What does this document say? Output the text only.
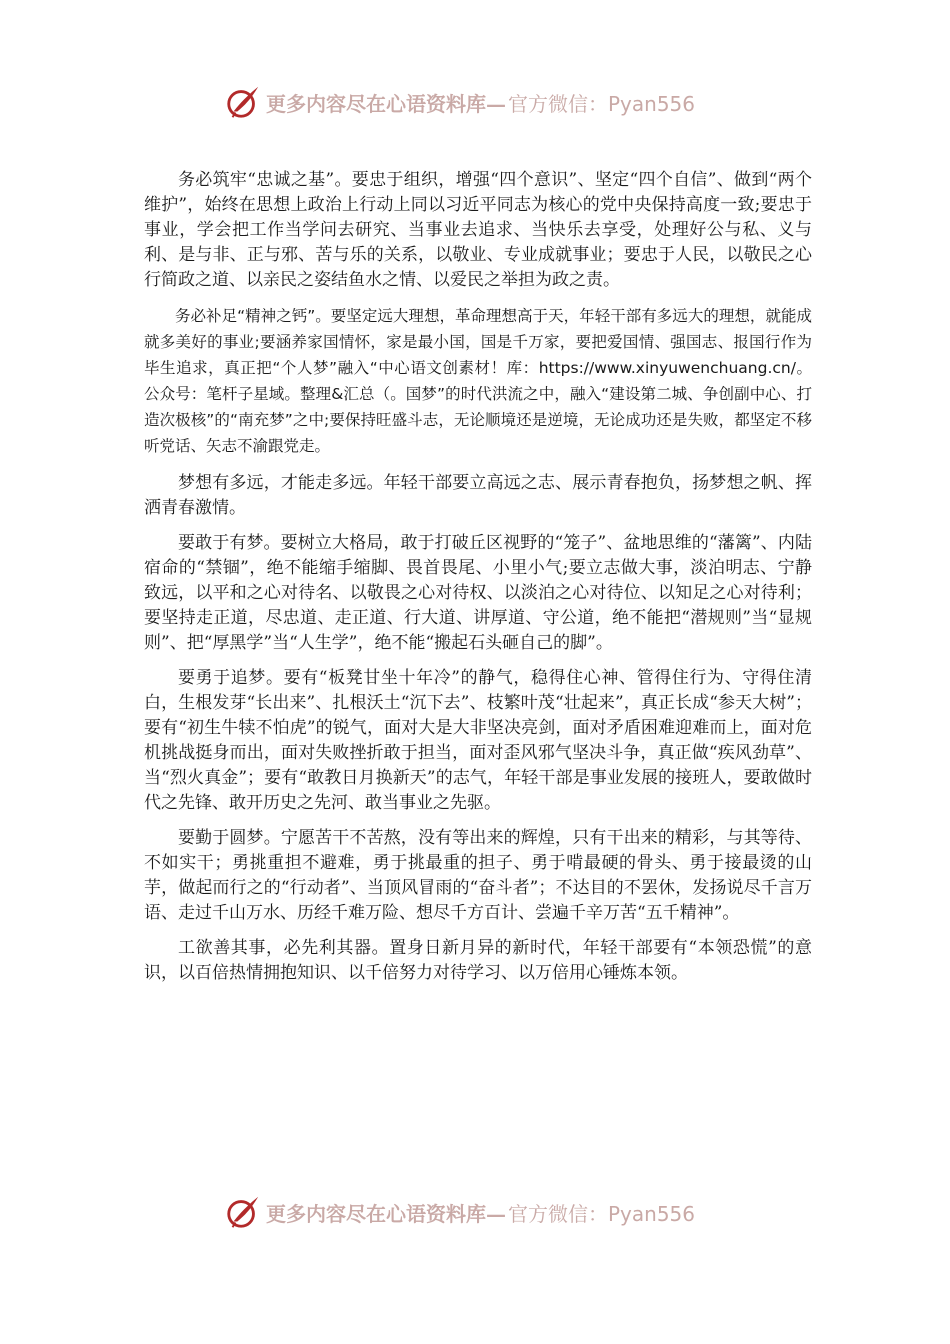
更多内容尽在心语资料库— 官方微信：Pyan556

务必筑牢“忠诚之基”。要忠于组织，增强“四个意识”、坚定“四个自信”、做到“两个维护”，始终在思想上政治上行动上同以习近平同志为核心的党中央保持高度一致;要忠于事业，学会把工作当学问去研究、当事业去追求、当快乐去享受，处理好公与私、义与利、是与非、正与邪、苦与乐的关系，以敬业、专业成就事业；要忠于人民，以敬民之心行简政之道、以亲民之姿结鱼水之情、以爱民之举担为政之责。

务必补足“精神之钙”。要坚定远大理想，革命理想高于天，年轻干部有多远大的理想，就能成就多美好的事业;要涵养家国情怀，家是最小国，国是千万家，要把爱国情、强国志、报国行作为毕生追求，真正把“个人梦”融入“中心语文创素材！库：https://www.xinyuwenchuang.cn/。公众号：笔杆子星域。整理&汇总（。国梦”的时代洪流之中，融入“建设第二城、争创副中心、打造次极核”的“南充梦”之中;要保持旺盛斗志，无论顺境还是逆境，无论成功还是失败，都坚定不移听党话、矢志不渝跟党走。

梦想有多远，才能走多远。年轻干部要立高远之志、展示青春抱负，扬梦想之帆、挥洒青春激情。

要敢于有梦。要树立大格局，敢于打破丘区视野的“笼子”、盆地思维的“藩篱”、内陆宿命的“禁锢”，绝不能缩手缩脚、畏首畏尾、小里小气;要立志做大事，淡泊明志、宁静致远，以平和之心对待名、以敬畏之心对待权、以淡泊之心对待位、以知足之心对待利；要坚持走正道，尽忠道、走正道、行大道、讲厚道、守公道，绝不能把“潜规则”当“显规则”、把“厚黑学”当“人生学”，绝不能“搬起石头砸自己的脚”。

要勇于追梦。要有“板凳甘坐十年冷”的静气，稳得住心神、管得住行为、守得住清白，生根发芽“长出来”、扎根沃土“沉下去”、枝繁叶茂“壮起来”，真正长成“参天大树”；要有“初生牛犊不怕虎”的锐气，面对大是大非坚决亮剑，面对矛盾困难迎难而上，面对危机挑战挺身而出，面对失败挫折敢于担当，面对歪风邪气坚决斗争，真正做“疾风劲草”、当“烈火真金”；要有“敢教日月换新天”的志气，年轻干部是事业发展的接班人，要敢做时代之先锋、敢开历史之先河、敢当事业之先驱。

要勤于圆梦。宁愿苦干不苦熬，没有等出来的辉煌，只有干出来的精彩，与其等待、不如实干；勇挑重担不避难，勇于挑最重的担子、勇于啃最硬的骨头、勇于接最烫的山芋，做起而行之的“行动者”、当顶风冒雨的“奋斗者”；不达目的不罢休，发扬说尽千言万语、走过千山万水、历经千难万险、想尽千方百计、尝遍千辛万苦“五千精神”。

工欲善其事，必先利其器。置身日新月异的新时代，年轻干部要有“本领恐慌”的意识，以百倍热情拥抱知识、以千倍努力对待学习、以万倍用心锤炼本领。

更多内容尽在心语资料库— 官方微信：Pyan556
